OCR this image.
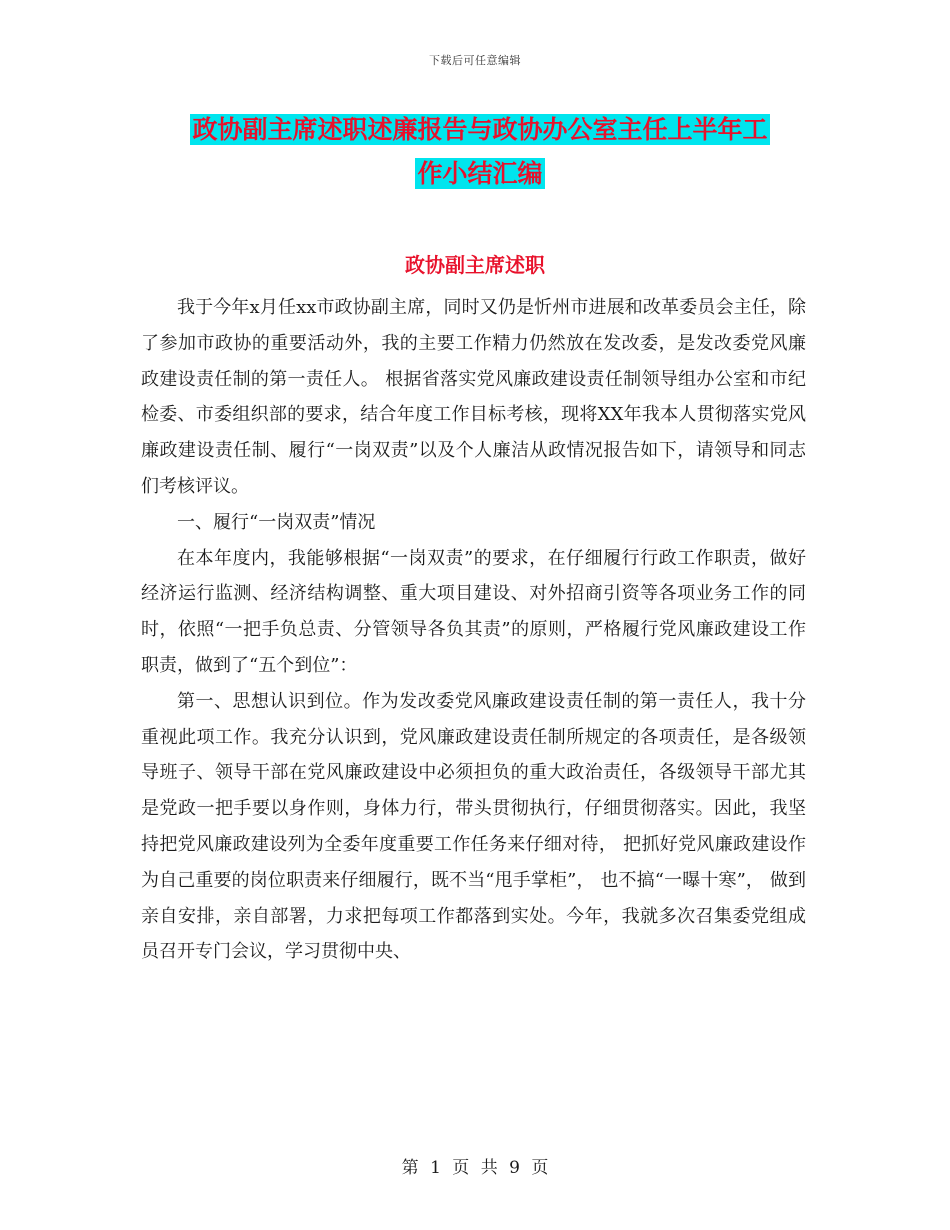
下载后可任意编辑
政协副主席述职述廉报告与政协办公室主任上半年工
作小结汇编
政协副主席述职

我于今年x月任xx市政协副主席，同时又仍是忻州市进展和改革委员会主任，除了参加市政协的重要活动外，我的主要工作精力仍然放在发改委，是发改委党风廉政建设责任制的第一责任人。 根据省落实党风廉政建设责任制领导组办公室和市纪检委、市委组织部的要求，结合年度工作目标考核，现将XX年我本人贯彻落实党风廉政建设责任制、履行“一岗双责”以及个人廉洁从政情况报告如下，请领导和同志们考核评议。

一、履行“一岗双责”情况

在本年度内，我能够根据“一岗双责”的要求，在仔细履行行政工作职责，做好经济运行监测、经济结构调整、重大项目建设、对外招商引资等各项业务工作的同时，依照“一把手负总责、分管领导各负其责”的原则，严格履行党风廉政建设工作职责，做到了“五个到位”：

第一、思想认识到位。作为发改委党风廉政建设责任制的第一责任人，我十分重视此项工作。我充分认识到，党风廉政建设责任制所规定的各项责任，是各级领导班子、领导干部在党风廉政建设中必须担负的重大政治责任，各级领导干部尤其是党政一把手要以身作则，身体力行，带头贯彻执行，仔细贯彻落实。因此，我坚持把党风廉政建设列为全委年度重要工作任务来仔细对待， 把抓好党风廉政建设作为自己重要的岗位职责来仔细履行，既不当“甩手掌柜”， 也不搞“一曝十寒”， 做到亲自安排，亲自部署，力求把每项工作都落到实处。今年，我就多次召集委党组成员召开专门会议，学习贯彻中央、

第 1 页 共 9 页
